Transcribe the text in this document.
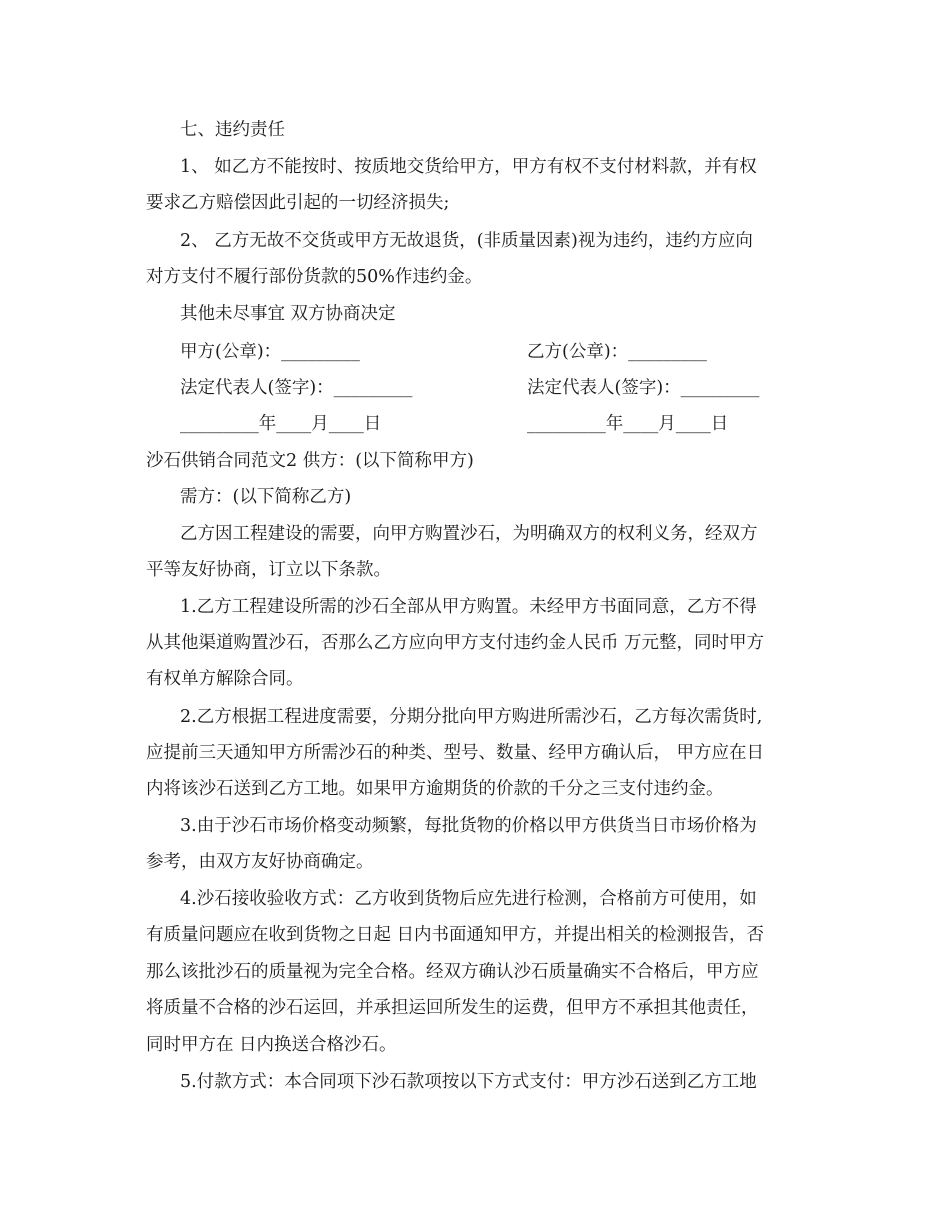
七、违约责任

1、 如乙方不能按时、按质地交货给甲方，甲方有权不支付材料款，并有权

要求乙方赔偿因此引起的一切经济损失;

2、 乙方无故不交货或甲方无故退货，(非质量因素)视为违约，违约方应向

对方支付不履行部份货款的50%作违约金。

其他未尽事宜 双方协商决定

甲方(公章)：_________	乙方(公章)：_________

法定代表人(签字)：_________	法定代表人(签字)：_________

_________年____月____日	_________年____月____日

沙石供销合同范文2 供方：(以下简称甲方)

需方：(以下简称乙方)

乙方因工程建设的需要，向甲方购置沙石，为明确双方的权利义务，经双方

平等友好协商，订立以下条款。

1.乙方工程建设所需的沙石全部从甲方购置。未经甲方书面同意，乙方不得

从其他渠道购置沙石，否那么乙方应向甲方支付违约金人民币 万元整，同时甲方

有权单方解除合同。

2.乙方根据工程进度需要，分期分批向甲方购进所需沙石，乙方每次需货时,

应提前三天通知甲方所需沙石的种类、型号、数量、经甲方确认后， 甲方应在日

内将该沙石送到乙方工地。如果甲方逾期货的价款的千分之三支付违约金。

3.由于沙石市场价格变动频繁，每批货物的价格以甲方供货当日市场价格为

参考，由双方友好协商确定。

4.沙石接收验收方式：乙方收到货物后应先进行检测，合格前方可使用，如

有质量问题应在收到货物之日起 日内书面通知甲方，并提出相关的检测报告，否

那么该批沙石的质量视为完全合格。经双方确认沙石质量确实不合格后，甲方应

将质量不合格的沙石运回，并承担运回所发生的运费，但甲方不承担其他责任，

同时甲方在 日内换送合格沙石。

5.付款方式：本合同项下沙石款项按以下方式支付：甲方沙石送到乙方工地
